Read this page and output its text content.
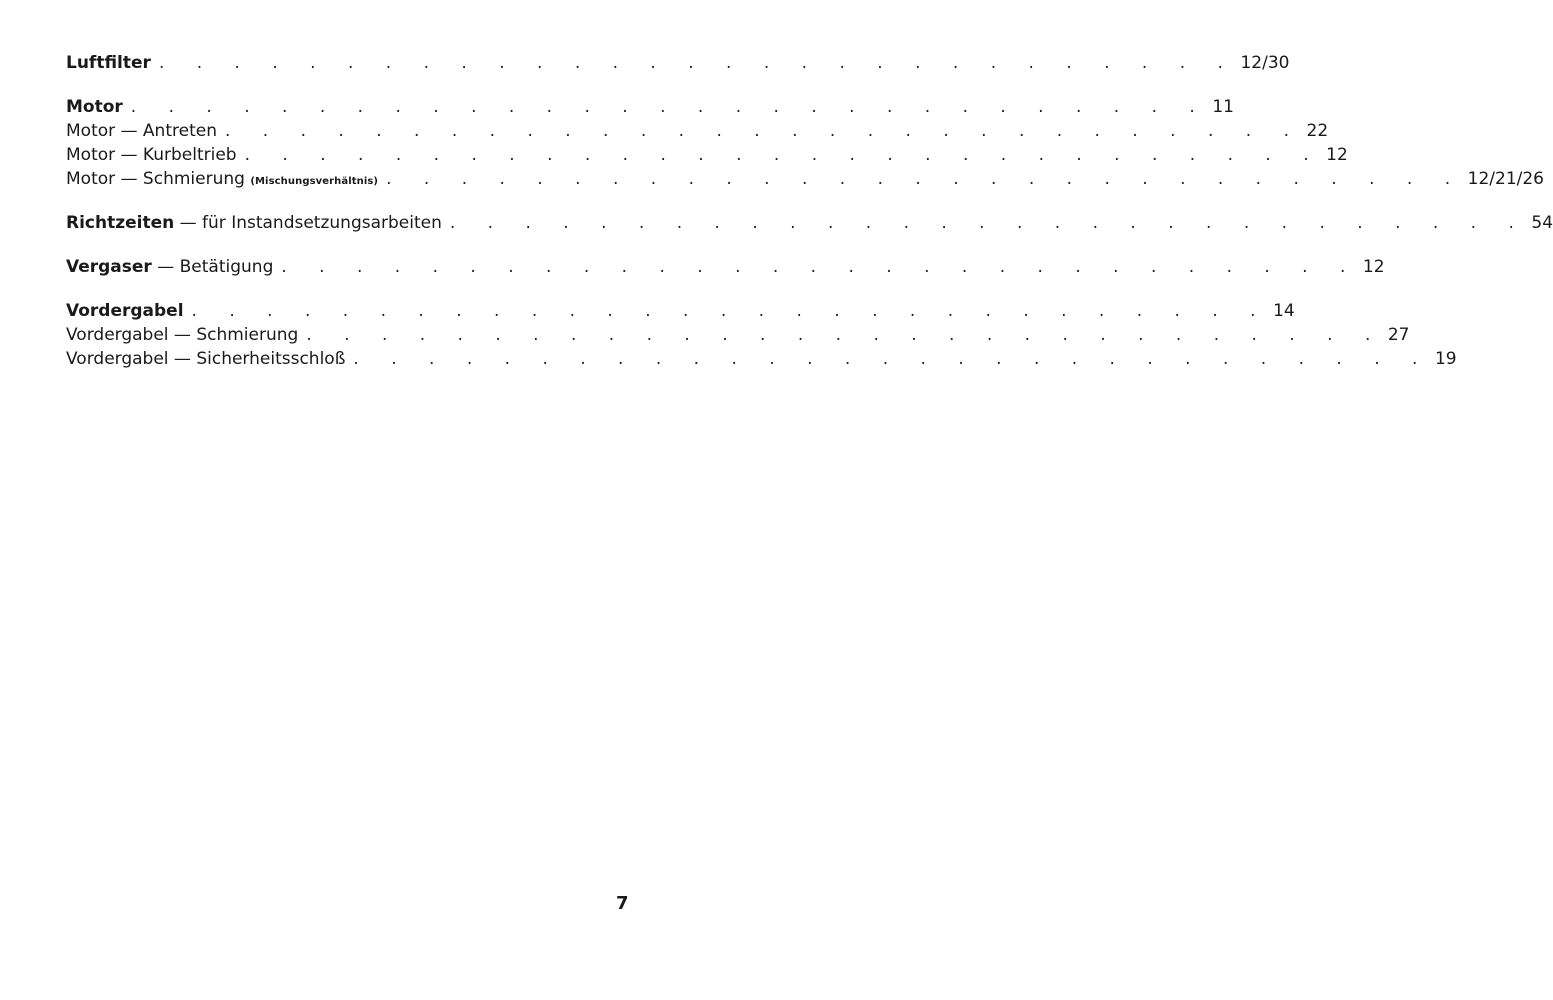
Luftfilter . . . . . . . . . . . . . . . . . . . . . . . . . . . . . 12/30
Motor . . . . . . . . . . . . . . . . . . . . . . . . . . . . . 11
Motor — Antreten . . . . . . . . . . . . . . . . . . . . . . . . . . . . . 22
Motor — Kurbeltrieb . . . . . . . . . . . . . . . . . . . . . . . . . . . . . 12
Motor — Schmierung (Mischungsverhältnis) . . . . . . . . . . . . . . . . . . . . . . . . . . . . . 12/21/26
Richtzeiten — für Instandsetzungsarbeiten . . . . . . . . . . . . . . . . . . . . . . . . . . . . . 54
Vergaser — Betätigung . . . . . . . . . . . . . . . . . . . . . . . . . . . . . 12
Vordergabel . . . . . . . . . . . . . . . . . . . . . . . . . . . . . 14
Vordergabel — Schmierung . . . . . . . . . . . . . . . . . . . . . . . . . . . . . 27
Vordergabel — Sicherheitsschloß . . . . . . . . . . . . . . . . . . . . . . . . . . . . . 19
7
